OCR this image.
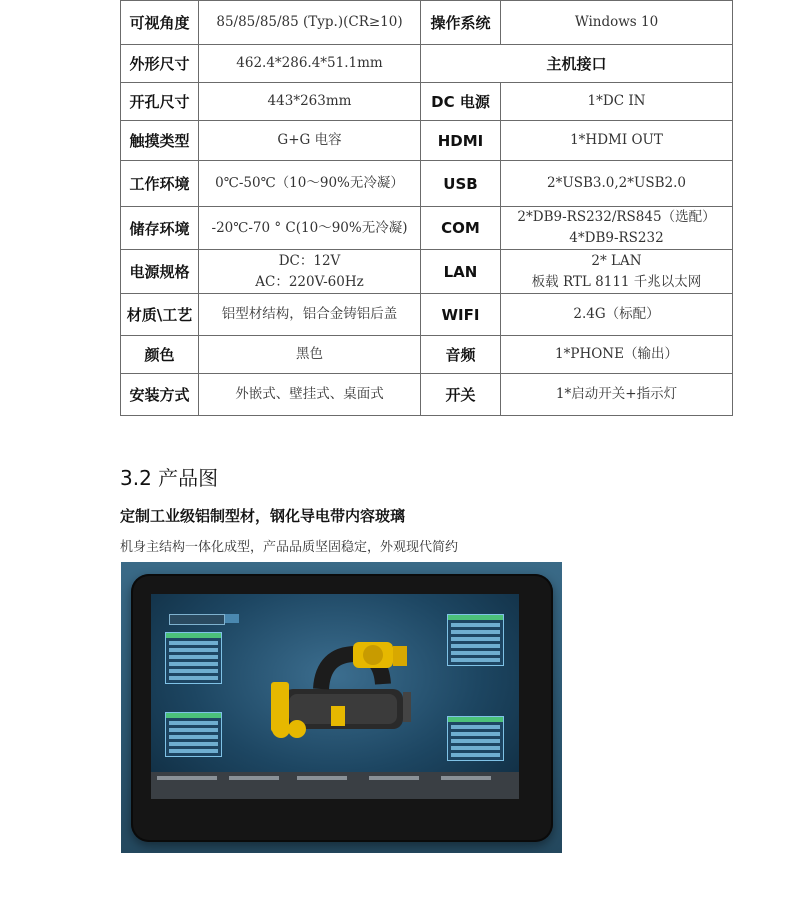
可视角度	85/85/85/85 (Typ.)(CR≥10)	操作系统	Windows 10

外形尺寸	462.4*286.4*51.1mm	主机接口	
开孔尺寸	443*263mm	DC 电源	1*DC IN

触摸类型	G+G 电容	HDMI	1*HDMI OUT

工作环境	0℃-50℃（10～90%无冷凝）	USB	2*USB3.0,2*USB2.0

储存环境	-20℃-70 ° C(10～90%无冷凝)	COM	2*DB9-RS232/RS845（选配）
4*DB9-RS232

电源规格	DC：12V
AC：220V-60Hz	LAN	2* LAN
板载 RTL 8111 千兆以太网

材质\工艺	铝型材结构，铝合金铸铝后盖	WIFI	2.4G（标配）

颜色	黑色	音频	1*PHONE（输出）

安装方式	外嵌式、壁挂式、桌面式	开关	1*启动开关+指示灯
3.2 产品图
定制工业级铝制型材，钢化导电带内容玻璃
机身主结构一体化成型，产品品质坚固稳定，外观现代简约
